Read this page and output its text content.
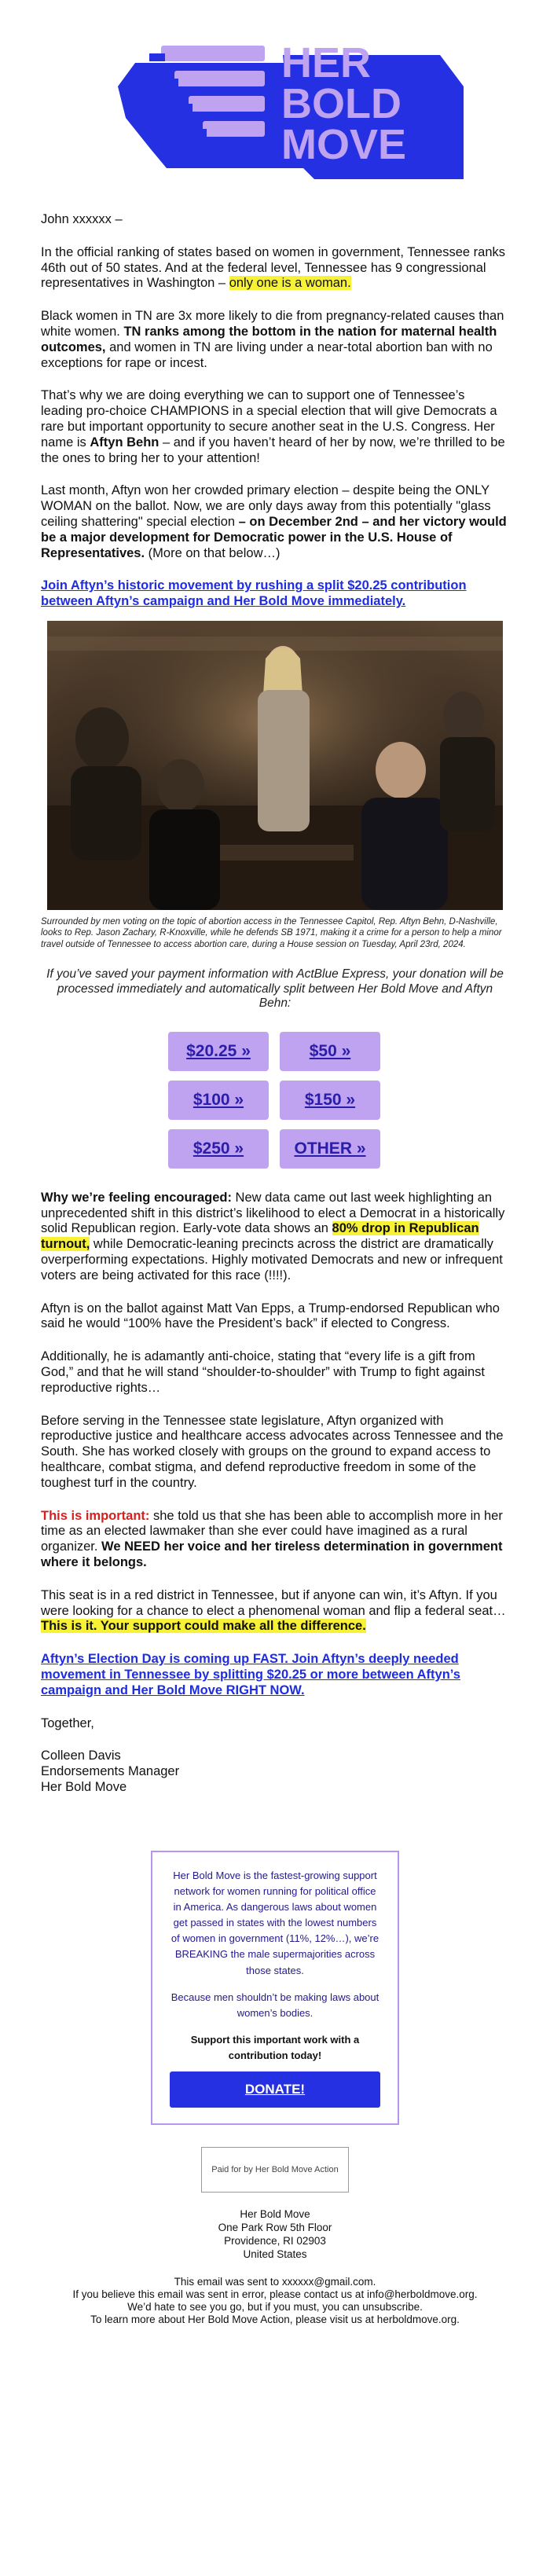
HER
BOLD
MOVE

John xxxxxx –

In the official ranking of states based on women in government, Tennessee ranks 46th out of 50 states. And at the federal level, Tennessee has 9 congressional representatives in Washington – only one is a woman.

Black women in TN are 3x more likely to die from pregnancy-related causes than white women. TN ranks among the bottom in the nation for maternal health outcomes, and women in TN are living under a near-total abortion ban with no exceptions for rape or incest.

That’s why we are doing everything we can to support one of Tennessee’s leading pro-choice CHAMPIONS in a special election that will give Democrats a rare but important opportunity to secure another seat in the U.S. Congress. Her name is Aftyn Behn – and if you haven’t heard of her by now, we’re thrilled to be the ones to bring her to your attention!

Last month, Aftyn won her crowded primary election – despite being the ONLY WOMAN on the ballot. Now, we are only days away from this potentially "glass ceiling shattering" special election – on December 2nd – and her victory would be a major development for Democratic power in the U.S. House of Representatives. (More on that below…)

Join Aftyn’s historic movement by rushing a split $20.25 contribution between Aftyn’s campaign and Her Bold Move immediately.

Surrounded by men voting on the topic of abortion access in the Tennessee Capitol, Rep. Aftyn Behn, D-Nashville, looks to Rep. Jason Zachary, R-Knoxville, while he defends SB 1971, making it a crime for a person to help a minor travel outside of Tennessee to access abortion care, during a House session on Tuesday, April 23rd, 2024.

If you’ve saved your payment information with ActBlue Express, your donation will be processed immediately and automatically split between Her Bold Move and Aftyn Behn:

$20.25 »	$50 »
$100 »	$150 »
$250 »	OTHER »

Why we’re feeling encouraged: New data came out last week highlighting an unprecedented shift in this district’s likelihood to elect a Democrat in a historically solid Republican region. Early-vote data shows an 80% drop in Republican turnout, while Democratic-leaning precincts across the district are dramatically overperforming expectations. Highly motivated Democrats and new or infrequent voters are being activated for this race (!!!!).

Aftyn is on the ballot against Matt Van Epps, a Trump-endorsed Republican who said he would “100% have the President’s back” if elected to Congress.

Additionally, he is adamantly anti-choice, stating that “every life is a gift from God,” and that he will stand “shoulder-to-shoulder” with Trump to fight against reproductive rights…

Before serving in the Tennessee state legislature, Aftyn organized with reproductive justice and healthcare access advocates across Tennessee and the South. She has worked closely with groups on the ground to expand access to healthcare, combat stigma, and defend reproductive freedom in some of the toughest turf in the country.

This is important: she told us that she has been able to accomplish more in her time as an elected lawmaker than she ever could have imagined as a rural organizer. We NEED her voice and her tireless determination in government where it belongs.

This seat is in a red district in Tennessee, but if anyone can win, it’s Aftyn. If you were looking for a chance to elect a phenomenal woman and flip a federal seat… This is it. Your support could make all the difference.

Aftyn’s Election Day is coming up FAST. Join Aftyn’s deeply needed movement in Tennessee by splitting $20.25 or more between Aftyn’s campaign and Her Bold Move RIGHT NOW.

Together,

Colleen Davis

Endorsements Manager

Her Bold Move

Her Bold Move is the fastest-growing support network for women running for political office in America. As dangerous laws about women get passed in states with the lowest numbers of women in government (11%, 12%…), we’re BREAKING the male supermajorities across those states.

Because men shouldn’t be making laws about women’s bodies.

Support this important work with a contribution today!

DONATE!
Paid for by Her Bold Move Action
Her Bold Move
One Park Row 5th Floor
Providence, RI 02903
United States
This email was sent to xxxxxx@gmail.com.
If you believe this email was sent in error, please contact us at info@herboldmove.org.
We’d hate to see you go, but if you must, you can unsubscribe.
To learn more about Her Bold Move Action, please visit us at herboldmove.org.
